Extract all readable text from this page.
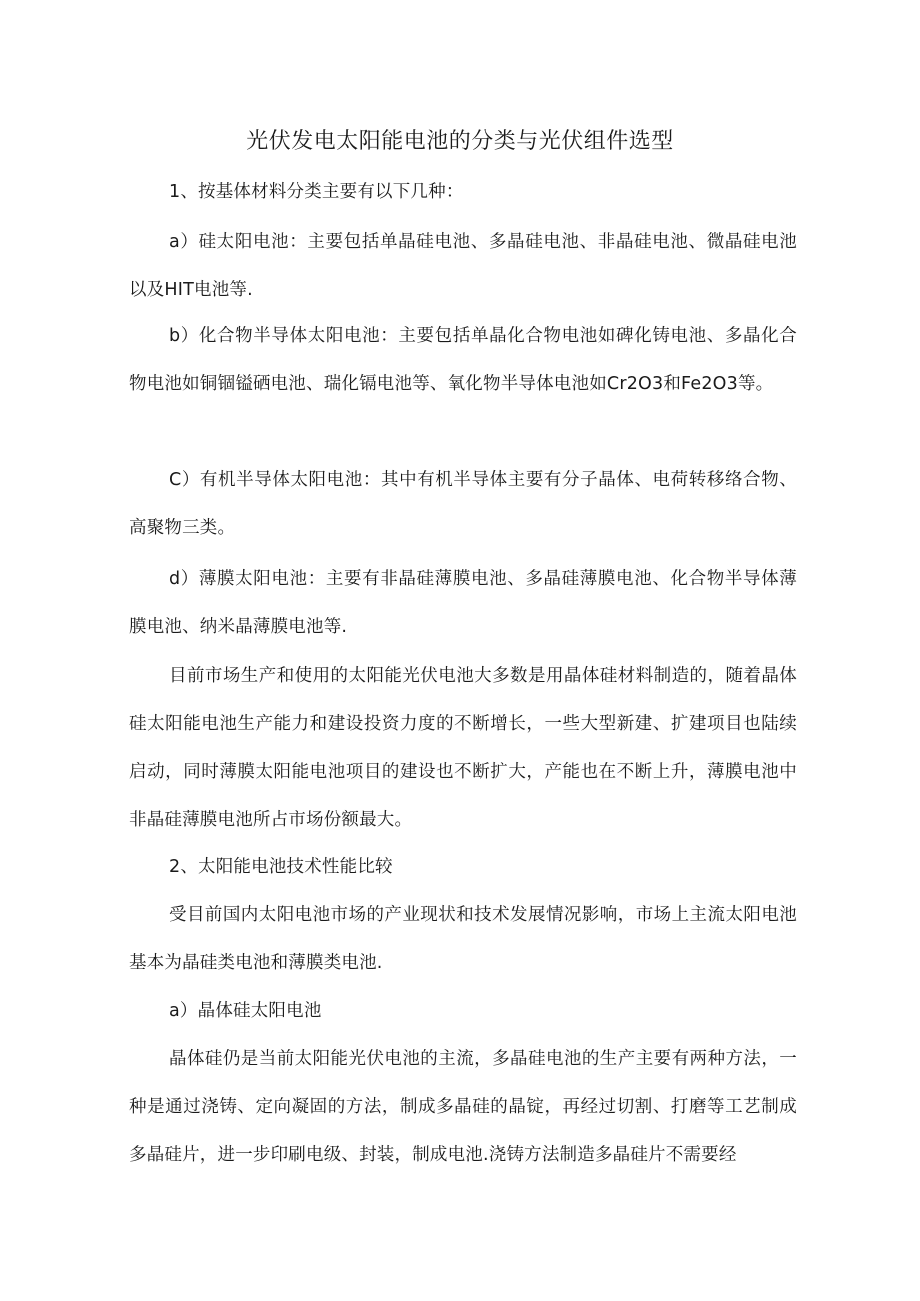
光伏发电太阳能电池的分类与光伏组件选型

1、按基体材料分类主要有以下几种：

a）硅太阳电池：主要包括单晶硅电池、多晶硅电池、非晶硅电池、微晶硅电池以及HIT电池等.

b）化合物半导体太阳电池：主要包括单晶化合物电池如碑化铸电池、多晶化合物电池如铜锢镒硒电池、瑞化镉电池等、氧化物半导体电池如Cr2O3和Fe2O3等。

C）有机半导体太阳电池：其中有机半导体主要有分子晶体、电荷转移络合物、高聚物三类。

d）薄膜太阳电池：主要有非晶硅薄膜电池、多晶硅薄膜电池、化合物半导体薄膜电池、纳米晶薄膜电池等.

目前市场生产和使用的太阳能光伏电池大多数是用晶体硅材料制造的，随着晶体硅太阳能电池生产能力和建设投资力度的不断增长，一些大型新建、扩建项目也陆续启动，同时薄膜太阳能电池项目的建设也不断扩大，产能也在不断上升，薄膜电池中非晶硅薄膜电池所占市场份额最大。

2、太阳能电池技术性能比较

受目前国内太阳电池市场的产业现状和技术发展情况影响，市场上主流太阳电池基本为晶硅类电池和薄膜类电池.

a）晶体硅太阳电池

晶体硅仍是当前太阳能光伏电池的主流，多晶硅电池的生产主要有两种方法，一种是通过浇铸、定向凝固的方法，制成多晶硅的晶锭，再经过切割、打磨等工艺制成多晶硅片，进一步印刷电级、封装，制成电池.浇铸方法制造多晶硅片不需要经
